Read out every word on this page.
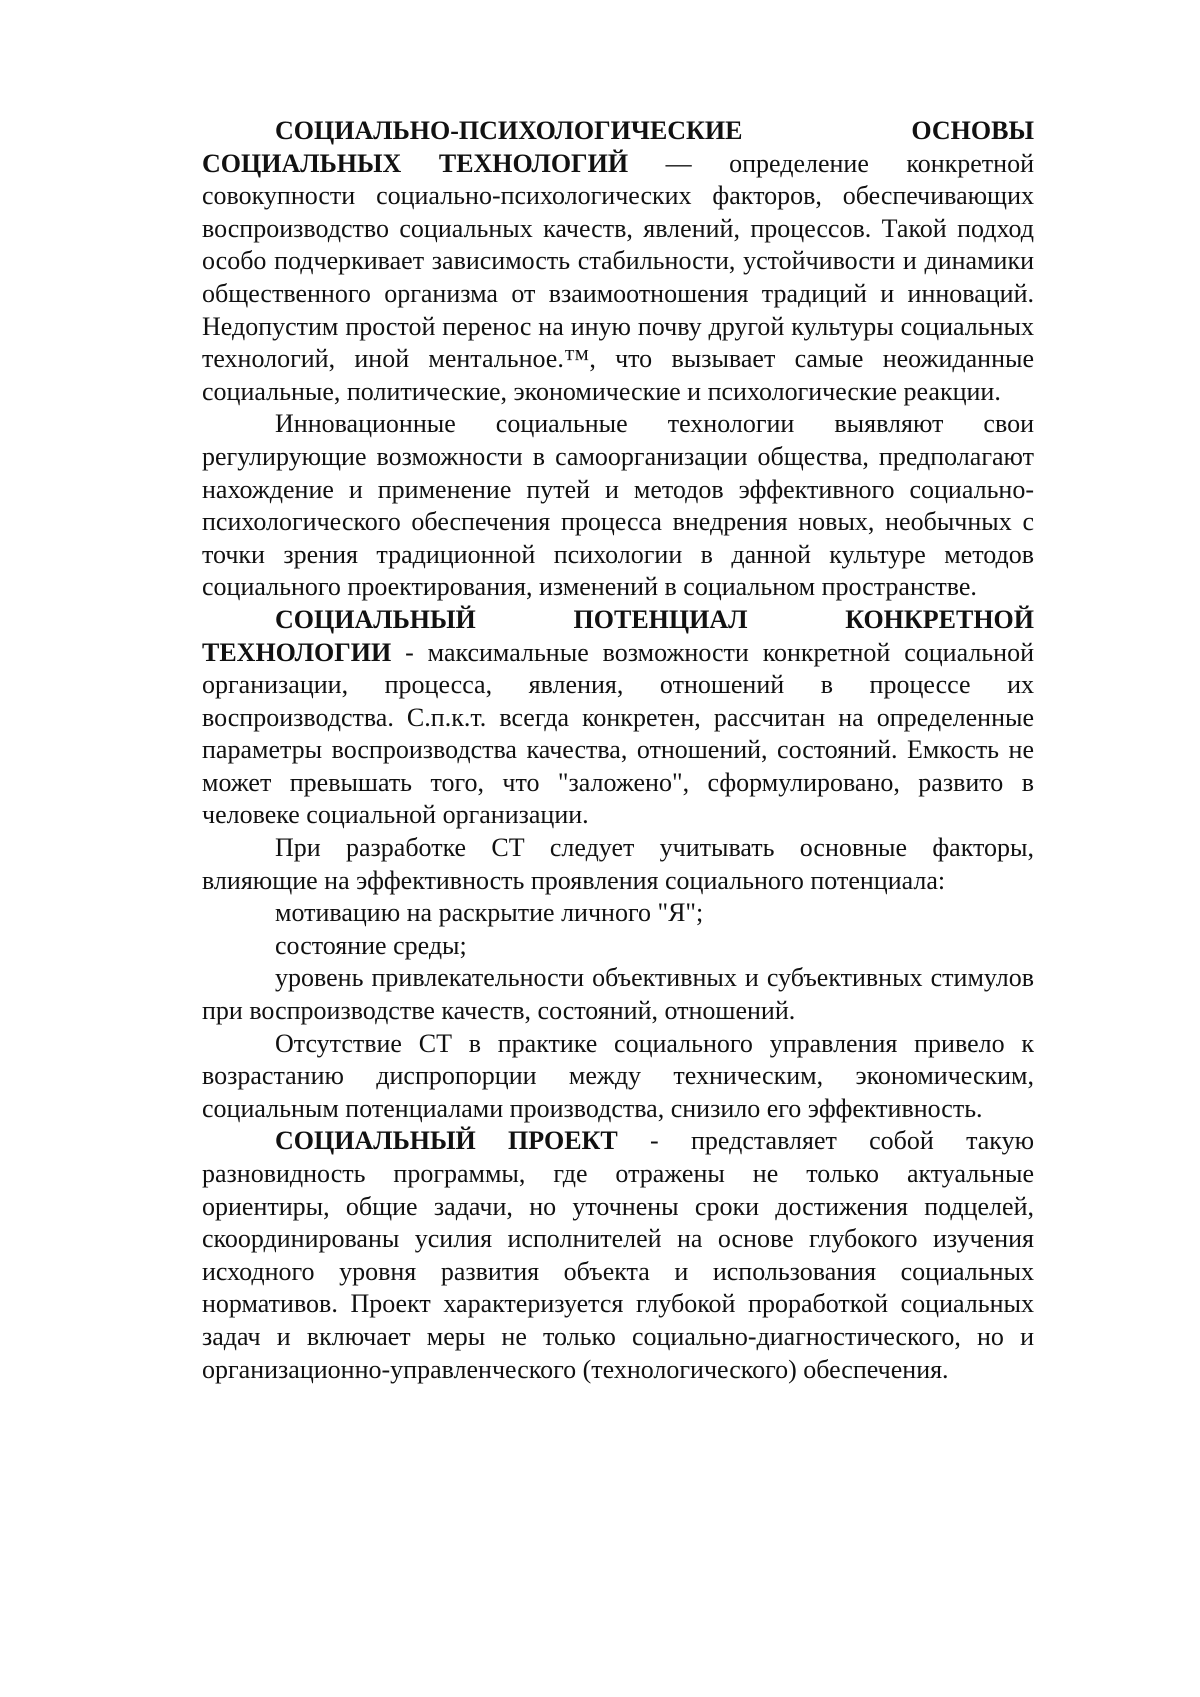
СОЦИАЛЬНО-ПСИХОЛОГИЧЕСКИЕ ОСНОВЫ СОЦИАЛЬНЫХ ТЕХНОЛОГИЙ — определение конкретной совокупности социально-психологических факторов, обеспечивающих воспроизводство социальных качеств, явлений, процессов. Такой подход особо подчеркивает зависимость стабильности, устойчивости и динамики общественного организма от взаимоотношения традиций и инноваций. Недопустим простой перенос на иную почву другой культуры социальных технологий, иной ментальное.™, что вызывает самые неожиданные социальные, политические, экономические и психологические реакции.

Инновационные социальные технологии выявляют свои регулирующие возможности в самоорганизации общества, предполагают нахождение и применение путей и методов эффективного социально-психологического обеспечения процесса внедрения новых, необычных с точки зрения традиционной психологии в данной культуре методов социального проектирования, изменений в социальном пространстве.

СОЦИАЛЬНЫЙ ПОТЕНЦИАЛ КОНКРЕТНОЙ ТЕХНОЛОГИИ - максимальные возможности конкретной социальной организации, процесса, явления, отношений в процессе их воспроизводства. С.п.к.т. всегда конкретен, рассчитан на определенные параметры воспроизводства качества, отношений, состояний. Емкость не может превышать того, что "заложено", сформулировано, развито в человеке социальной организации.

При разработке СТ следует учитывать основные факторы, влияющие на эффективность проявления социального потенциала:

мотивацию на раскрытие личного "Я";

состояние среды;

уровень привлекательности объективных и субъективных стимулов при воспроизводстве качеств, состояний, отношений.

Отсутствие СТ в практике социального управления привело к возрастанию диспропорции между техническим, экономическим, социальным потенциалами производства, снизило его эффективность.

СОЦИАЛЬНЫЙ ПРОЕКТ - представляет собой такую разновидность программы, где отражены не только актуальные ориентиры, общие задачи, но уточнены сроки достижения подцелей, скоординированы усилия исполнителей на основе глубокого изучения исходного уровня развития объекта и использования социальных нормативов. Проект характеризуется глубокой проработкой социальных задач и включает меры не только социально-диагностического, но и организационно-управленческого (технологического) обеспечения.
